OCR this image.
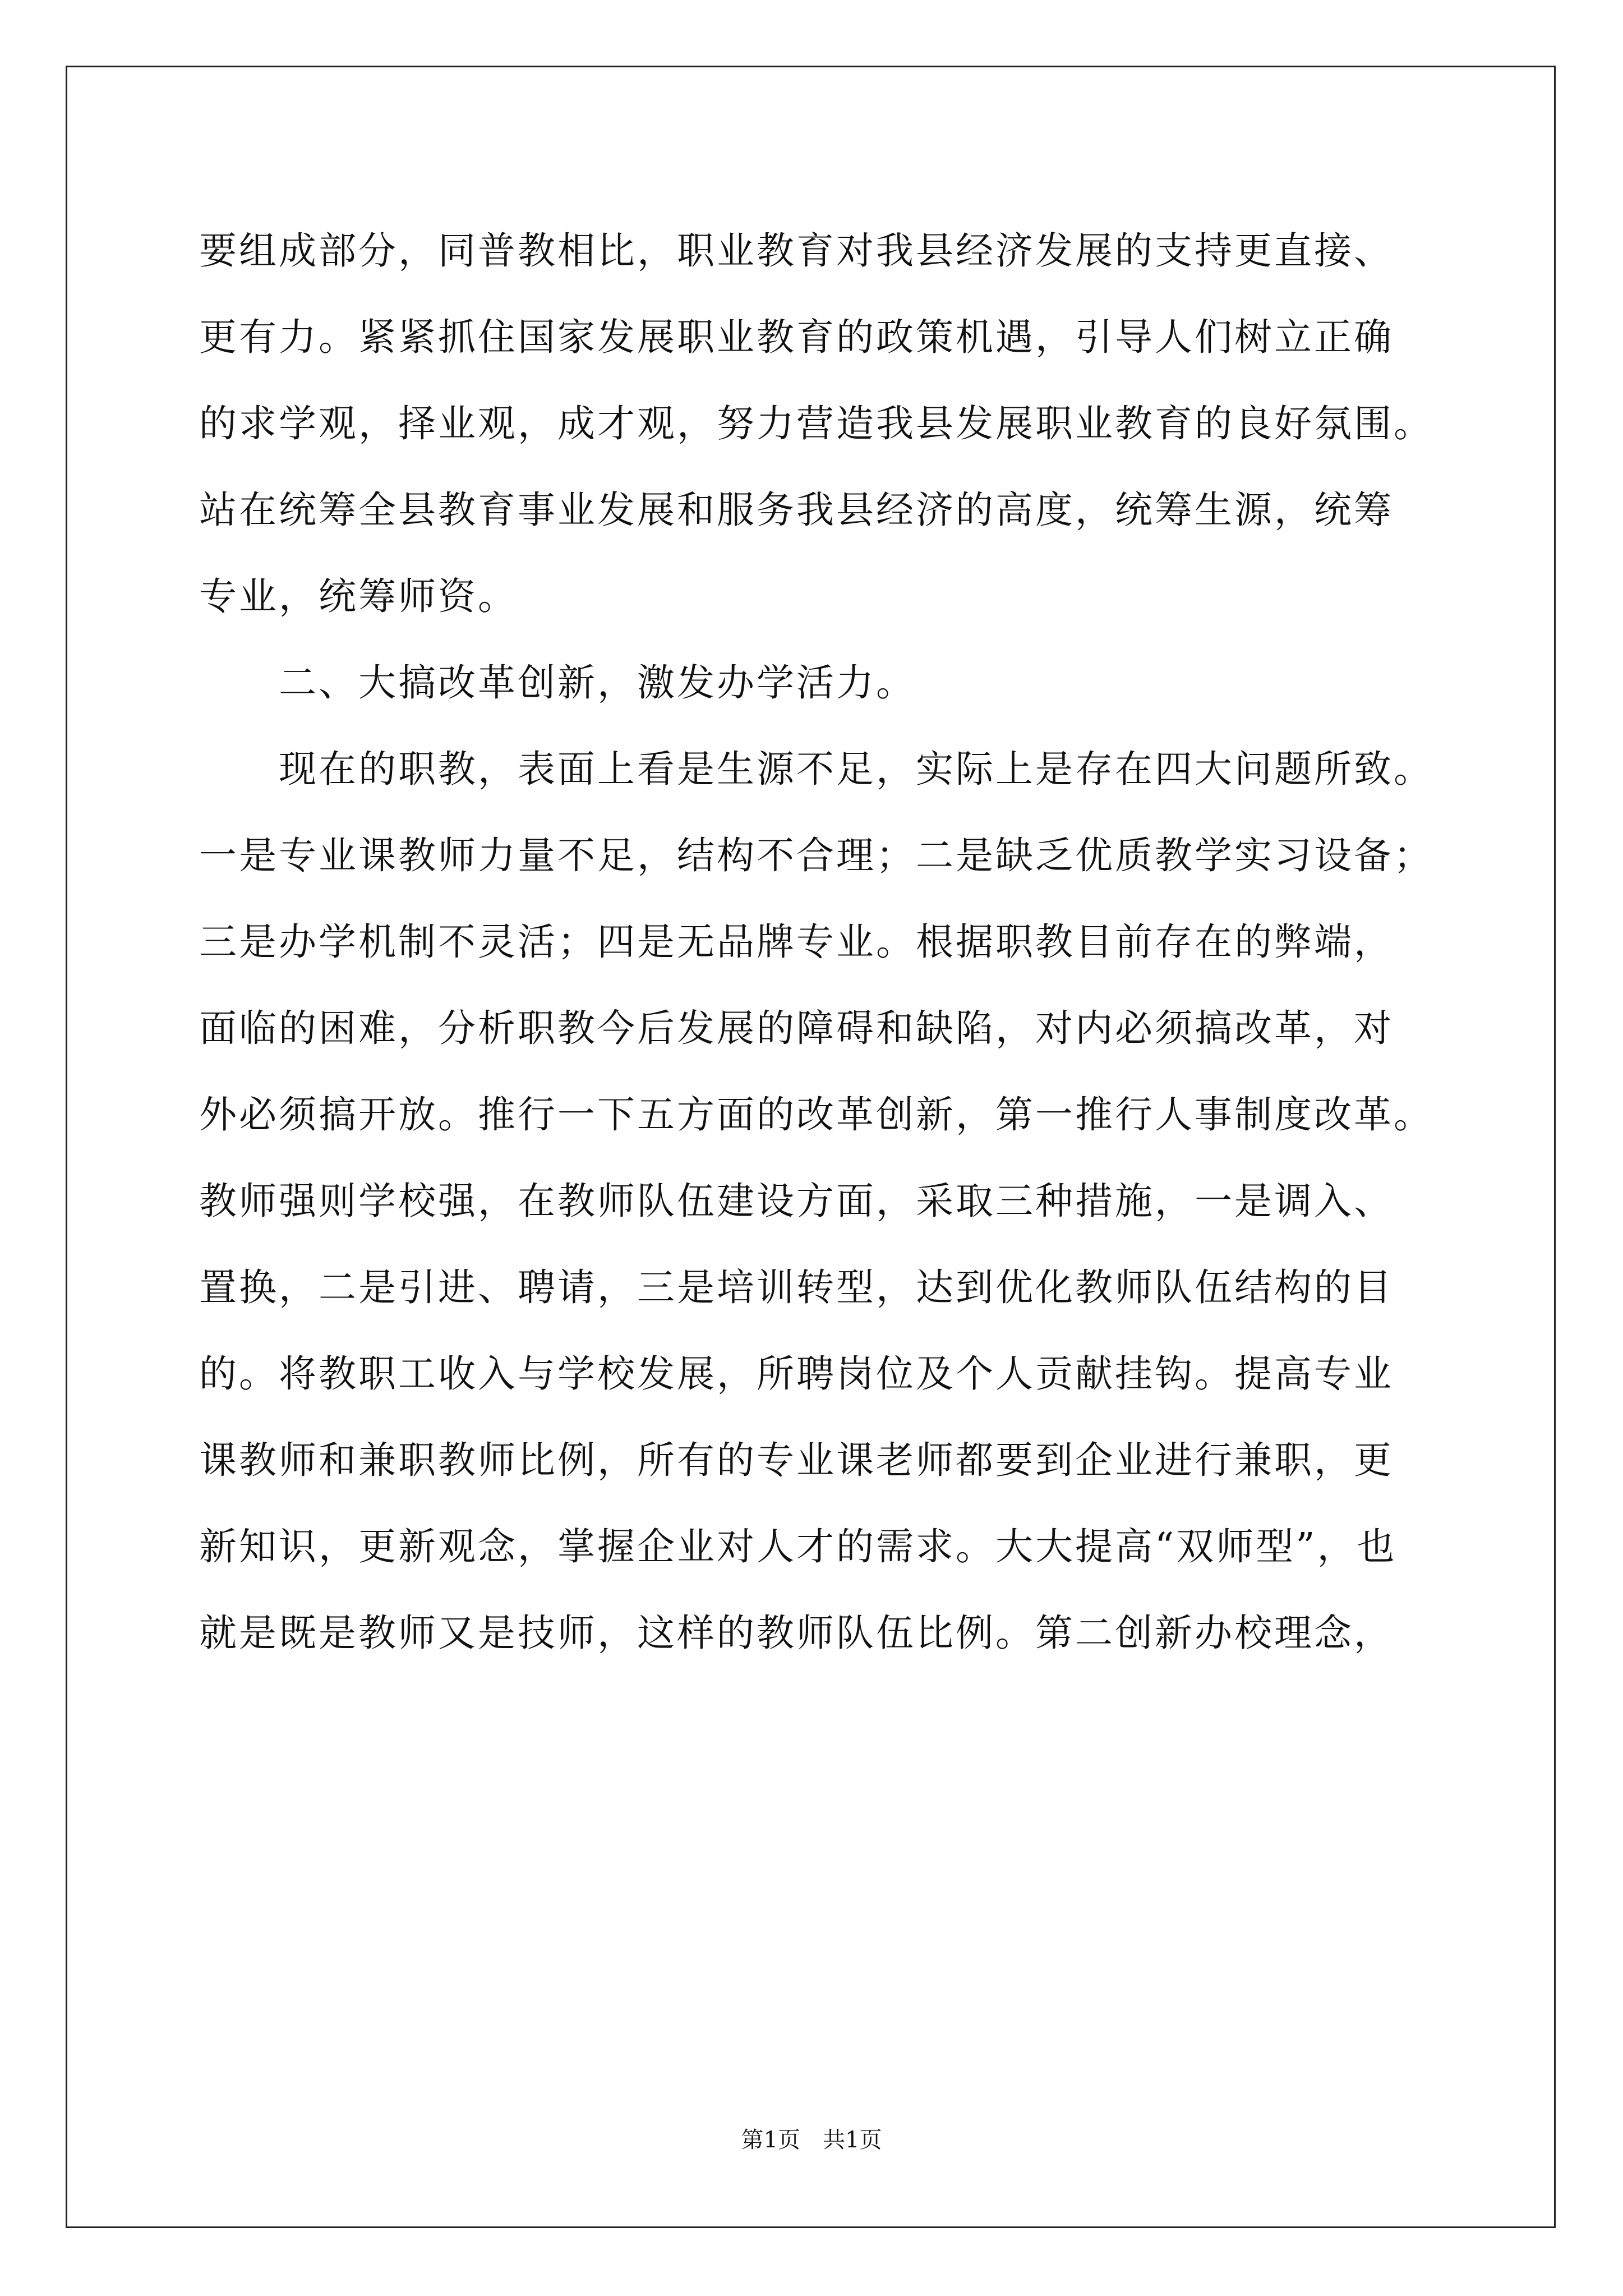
要组成部分，同普教相比，职业教育对我县经济发展的支持更直接、

更有力。紧紧抓住国家发展职业教育的政策机遇，引导人们树立正确

的求学观，择业观，成才观，努力营造我县发展职业教育的良好氛围。

站在统筹全县教育事业发展和服务我县经济的高度，统筹生源，统筹

专业，统筹师资。

　　二、大搞改革创新，激发办学活力。

　　现在的职教，表面上看是生源不足，实际上是存在四大问题所致。

一是专业课教师力量不足，结构不合理；二是缺乏优质教学实习设备；

三是办学机制不灵活；四是无品牌专业。根据职教目前存在的弊端，

面临的困难，分析职教今后发展的障碍和缺陷，对内必须搞改革，对

外必须搞开放。推行一下五方面的改革创新，第一推行人事制度改革。

教师强则学校强，在教师队伍建设方面，采取三种措施，一是调入、

置换，二是引进、聘请，三是培训转型，达到优化教师队伍结构的目

的。将教职工收入与学校发展，所聘岗位及个人贡献挂钩。提高专业

课教师和兼职教师比例，所有的专业课老师都要到企业进行兼职，更

新知识，更新观念，掌握企业对人才的需求。大大提高“双师型”，也

就是既是教师又是技师，这样的教师队伍比例。第二创新办校理念，

第1页　共1页
